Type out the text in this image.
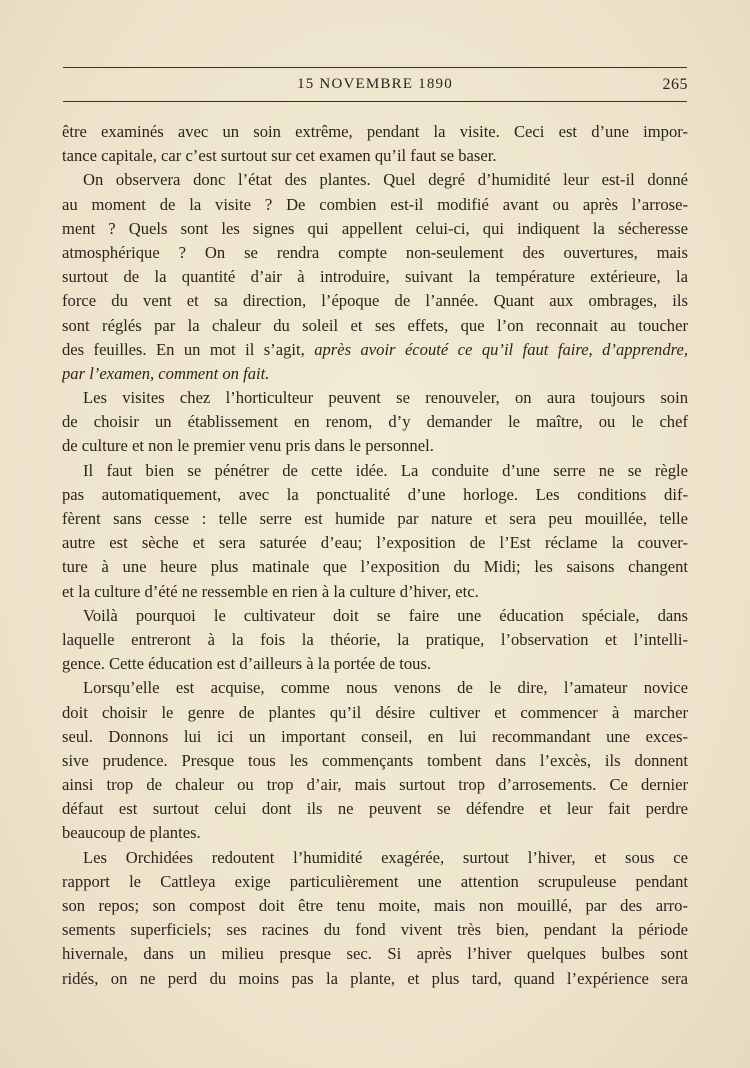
15 NOVEMBRE 1890	265
être examinés avec un soin extrême, pendant la visite. Ceci est d’une impor-
tance capitale, car c’est surtout sur cet examen qu’il faut se baser.
On observera donc l’état des plantes. Quel degré d’humidité leur est-il donné
au moment de la visite ? De combien est-il modifié avant ou après l’arrose-
ment ? Quels sont les signes qui appellent celui-ci, qui indiquent la sécheresse
atmosphérique ? On se rendra compte non-seulement des ouvertures, mais
surtout de la quantité d’air à introduire, suivant la température extérieure, la
force du vent et sa direction, l’époque de l’année. Quant aux ombrages, ils
sont réglés par la chaleur du soleil et ses effets, que l’on reconnait au toucher
des feuilles. En un mot il s’agit, après avoir écouté ce qu’il faut faire, d’apprendre,
par l’examen, comment on fait.
Les visites chez l’horticulteur peuvent se renouveler, on aura toujours soin
de choisir un établissement en renom, d’y demander le maître, ou le chef
de culture et non le premier venu pris dans le personnel.
Il faut bien se pénétrer de cette idée. La conduite d’une serre ne se règle
pas automatiquement, avec la ponctualité d’une horloge. Les conditions dif-
fèrent sans cesse : telle serre est humide par nature et sera peu mouillée, telle
autre est sèche et sera saturée d’eau; l’exposition de l’Est réclame la couver-
ture à une heure plus matinale que l’exposition du Midi; les saisons changent
et la culture d’été ne ressemble en rien à la culture d’hiver, etc.
Voilà pourquoi le cultivateur doit se faire une éducation spéciale, dans
laquelle entreront à la fois la théorie, la pratique, l’observation et l’intelli-
gence. Cette éducation est d’ailleurs à la portée de tous.
Lorsqu’elle est acquise, comme nous venons de le dire, l’amateur novice
doit choisir le genre de plantes qu’il désire cultiver et commencer à marcher
seul. Donnons lui ici un important conseil, en lui recommandant une exces-
sive prudence. Presque tous les commençants tombent dans l’excès, ils donnent
ainsi trop de chaleur ou trop d’air, mais surtout trop d’arrosements. Ce dernier
défaut est surtout celui dont ils ne peuvent se défendre et leur fait perdre
beaucoup de plantes.
Les Orchidées redoutent l’humidité exagérée, surtout l’hiver, et sous ce
rapport le Cattleya exige particulièrement une attention scrupuleuse pendant
son repos; son compost doit être tenu moite, mais non mouillé, par des arro-
sements superficiels; ses racines du fond vivent très bien, pendant la période
hivernale, dans un milieu presque sec. Si après l’hiver quelques bulbes sont
ridés, on ne perd du moins pas la plante, et plus tard, quand l’expérience sera
